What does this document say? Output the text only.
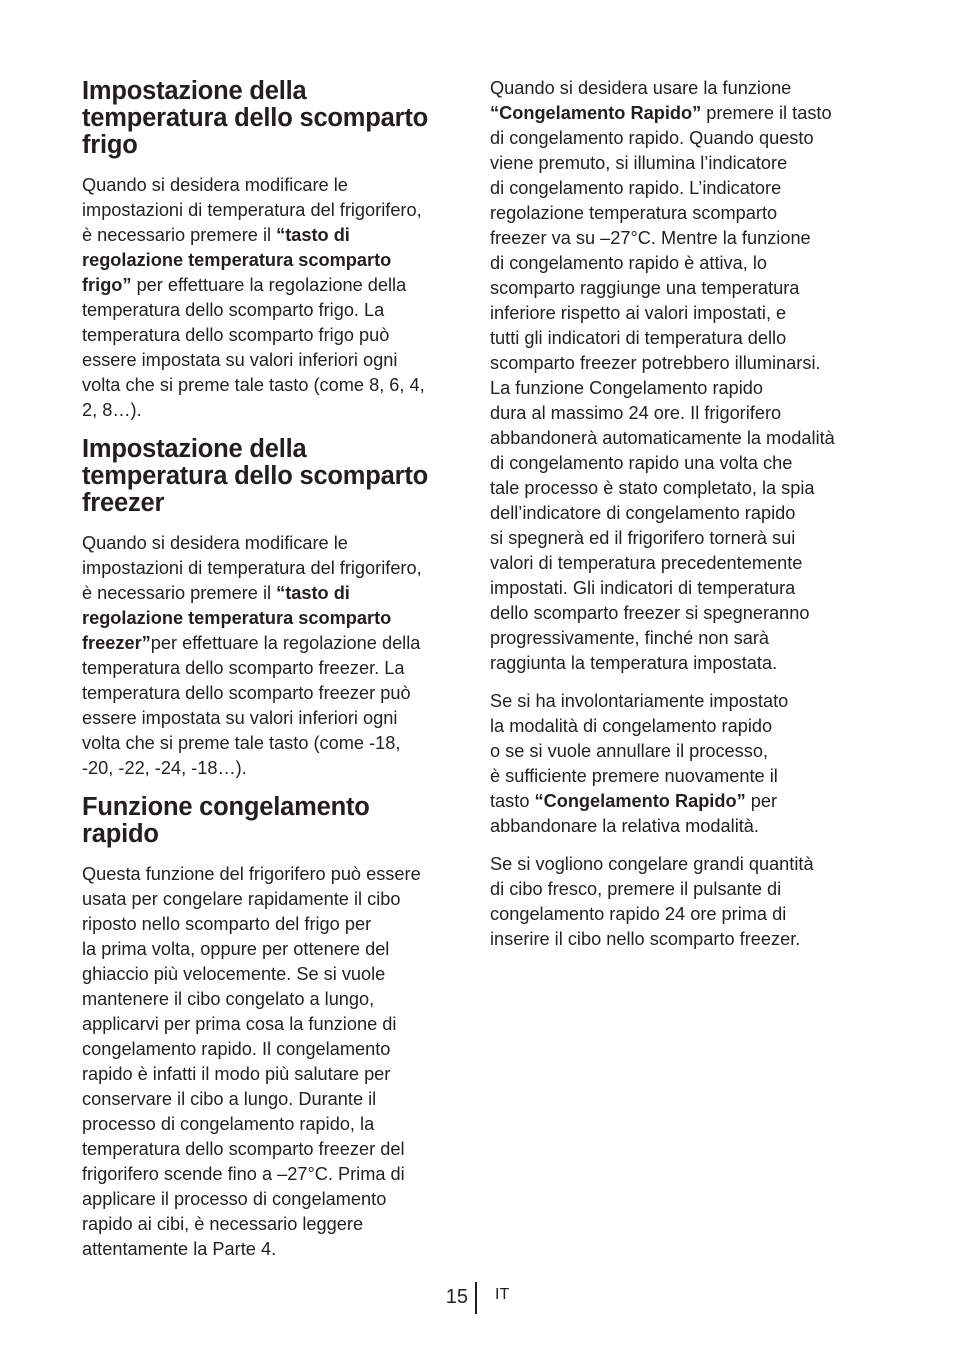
Impostazione della
temperatura dello scomparto
frigo

Quando si desidera modificare le
impostazioni di temperatura del frigorifero,
è necessario premere il “tasto di
regolazione temperatura scomparto
frigo” per effettuare la regolazione della
temperatura dello scomparto frigo. La
temperatura dello scomparto frigo può
essere impostata su valori inferiori ogni
volta che si preme tale tasto (come 8, 6, 4,
2, 8…).

Impostazione della
temperatura dello scomparto
freezer

Quando si desidera modificare le
impostazioni di temperatura del frigorifero,
è necessario premere il “tasto di
regolazione temperatura scomparto
freezer”per effettuare la regolazione della
temperatura dello scomparto freezer. La
temperatura dello scomparto freezer può
essere impostata su valori inferiori ogni
volta che si preme tale tasto (come -18,
-20, -22, -24, -18…).

Funzione congelamento
rapido

Questa funzione del frigorifero può essere
usata per congelare rapidamente il cibo
riposto nello scomparto del frigo per
la prima volta, oppure per ottenere del
ghiaccio più velocemente. Se si vuole
mantenere il cibo congelato a lungo,
applicarvi per prima cosa la funzione di
congelamento rapido. Il congelamento
rapido è infatti il modo più salutare per
conservare il cibo a lungo. Durante il
processo di congelamento rapido, la
temperatura dello scomparto freezer del
frigorifero scende fino a –27°C. Prima di
applicare il processo di congelamento
rapido ai cibi, è necessario leggere
attentamente la Parte 4.

Quando si desidera usare la funzione
“Congelamento Rapido” premere il tasto
di congelamento rapido. Quando questo
viene premuto, si illumina l’indicatore
di congelamento rapido. L’indicatore
regolazione temperatura scomparto
freezer va su –27°C. Mentre la funzione
di congelamento rapido è attiva, lo
scomparto raggiunge una temperatura
inferiore rispetto ai valori impostati, e
tutti gli indicatori di temperatura dello
scomparto freezer potrebbero illuminarsi.
La funzione Congelamento rapido
dura al massimo 24 ore. Il frigorifero
abbandonerà automaticamente la modalità
di congelamento rapido una volta che
tale processo è stato completato, la spia
dell’indicatore di congelamento rapido
si spegnerà ed il frigorifero tornerà sui
valori di temperatura precedentemente
impostati. Gli indicatori di temperatura
dello scomparto freezer si spegneranno
progressivamente, finché non sarà
raggiunta la temperatura impostata.

Se si ha involontariamente impostato
la modalità di congelamento rapido
o se si vuole annullare il processo,
è sufficiente premere nuovamente il
tasto “Congelamento Rapido” per
abbandonare la relativa modalità.

Se si vogliono congelare grandi quantità
di cibo fresco, premere il pulsante di
congelamento rapido 24 ore prima di
inserire il cibo nello scomparto freezer.

15 IT
